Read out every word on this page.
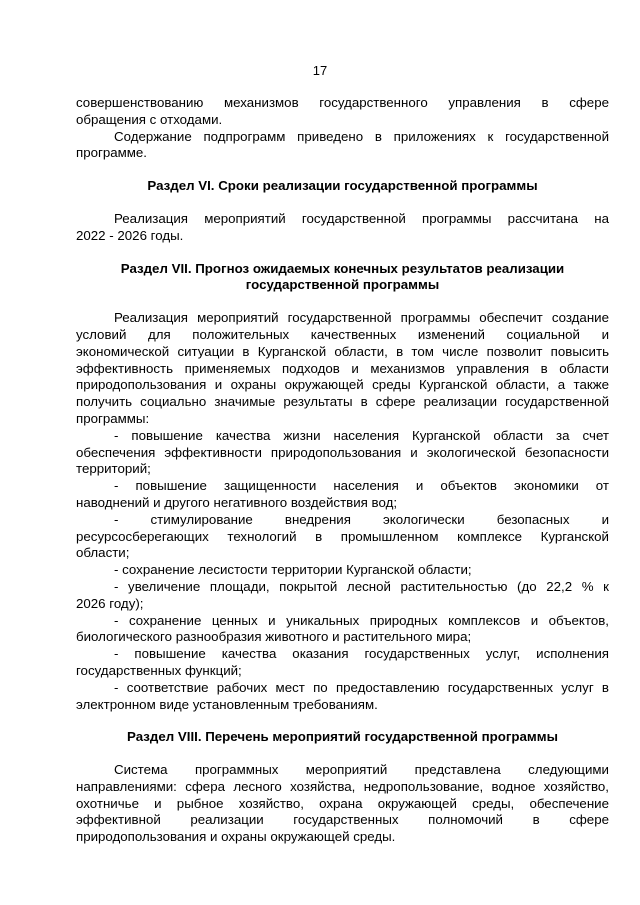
17
совершенствованию механизмов государственного управления в сфере
обращения с отходами.
Содержание подпрограмм приведено в приложениях к государственной
программе.
Раздел VI. Сроки реализации государственной программы
Реализация мероприятий государственной программы рассчитана на
2022 - 2026 годы.
Раздел VII. Прогноз ожидаемых конечных результатов реализации
государственной программы
Реализация мероприятий государственной программы обеспечит создание
условий для положительных качественных изменений социальной и
экономической ситуации в Курганской области, в том числе позволит повысить
эффективность применяемых подходов и механизмов управления в области
природопользования и охраны окружающей среды Курганской области, а также
получить социально значимые результаты в сфере реализации государственной
программы:
- повышение качества жизни населения Курганской области за счет
обеспечения эффективности природопользования и экологической безопасности
территорий;
- повышение защищенности населения и объектов экономики от
наводнений и другого негативного воздействия вод;
- стимулирование внедрения экологически безопасных и
ресурсосберегающих технологий в промышленном комплексе Курганской
области;
- сохранение лесистости территории Курганской области;
- увеличение площади, покрытой лесной растительностью (до 22,2 % к
2026 году);
- сохранение ценных и уникальных природных комплексов и объектов,
биологического разнообразия животного и растительного мира;
- повышение качества оказания государственных услуг, исполнения
государственных функций;
- соответствие рабочих мест по предоставлению государственных услуг в
электронном виде установленным требованиям.
Раздел VIII. Перечень мероприятий государственной программы
Система программных мероприятий представлена следующими
направлениями: сфера лесного хозяйства, недропользование, водное хозяйство,
охотничье и рыбное хозяйство, охрана окружающей среды, обеспечение
эффективной реализации государственных полномочий в сфере
природопользования и охраны окружающей среды.
